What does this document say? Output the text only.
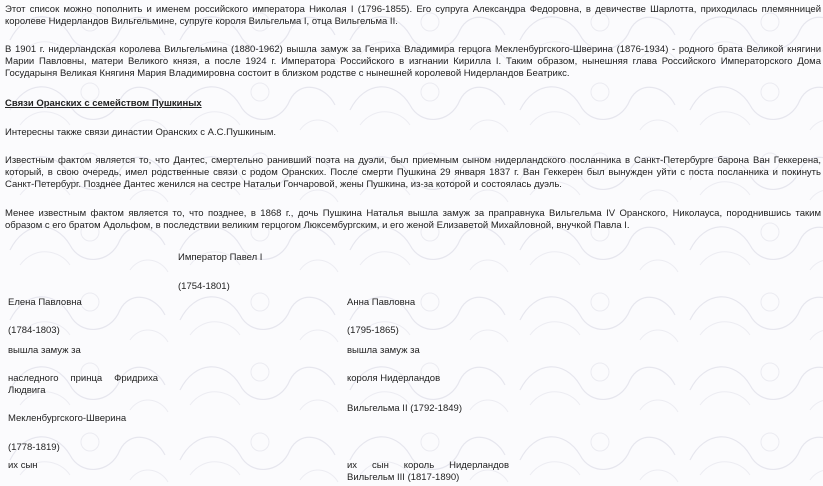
Этот список можно пополнить и именем российского императора Николая I (1796-1855). Его супруга Александра Федоровна, в девичестве Шарлотта, приходилась племянницей королеве Нидерландов Вильгельмине, супруге короля Вильгельма I, отца Вильгельма II.

В 1901 г. нидерландская королева Вильгельмина (1880-1962) вышла замуж за Генриха Владимира герцога Мекленбургского-Шверина (1876-1934) - родного брата Великой княгини Марии Павловны, матери Великого князя, а после 1924 г. Императора Российского в изгнании Кирилла I. Таким образом, нынешняя глава Российского Императорского Дома Государыня Великая Княгиня Мария Владимировна состоит в близком родстве с нынешней королевой Нидерландов Беатрикс.

Связи Оранских с семейством Пушкиных

Интересны также связи династии Оранских с А.С.Пушкиным.

Известным фактом является то, что Дантес, смертельно ранивший поэта на дуэли, был приемным сыном нидерландского посланника в Санкт-Петербурге барона Ван Геккерена, который, в свою очередь, имел родственные связи с родом Оранских. После смерти Пушкина 29 января 1837 г. Ван Геккерен был вынужден уйти с поста посланника и покинуть Санкт-Петербург. Позднее Дантес женился на сестре Натальи Гончаровой, жены Пушкина, из-за которой и состоялась дуэль.

Менее известным фактом является то, что позднее, в 1868 г., дочь Пушкина Наталья вышла замуж за праправнука Вильгельма IV Оранского, Николауса, породнившись таким образом с его братом Адольфом, в последствии великим герцогом Люксембургским, и его женой Елизаветой Михайловной, внучкой Павла I.

Император Павел I
(1754-1801)
Елена Павловна
(1784-1803)
вышла замуж за
наследного принца Фридриха Людвига
Мекленбургского-Шверина
(1778-1819)
их сын
Анна Павловна
(1795-1865)
вышла замуж за
короля Нидерландов
Вильгельма II (1792-1849)
их сын король Нидерландов Вильгельм III (1817-1890)
